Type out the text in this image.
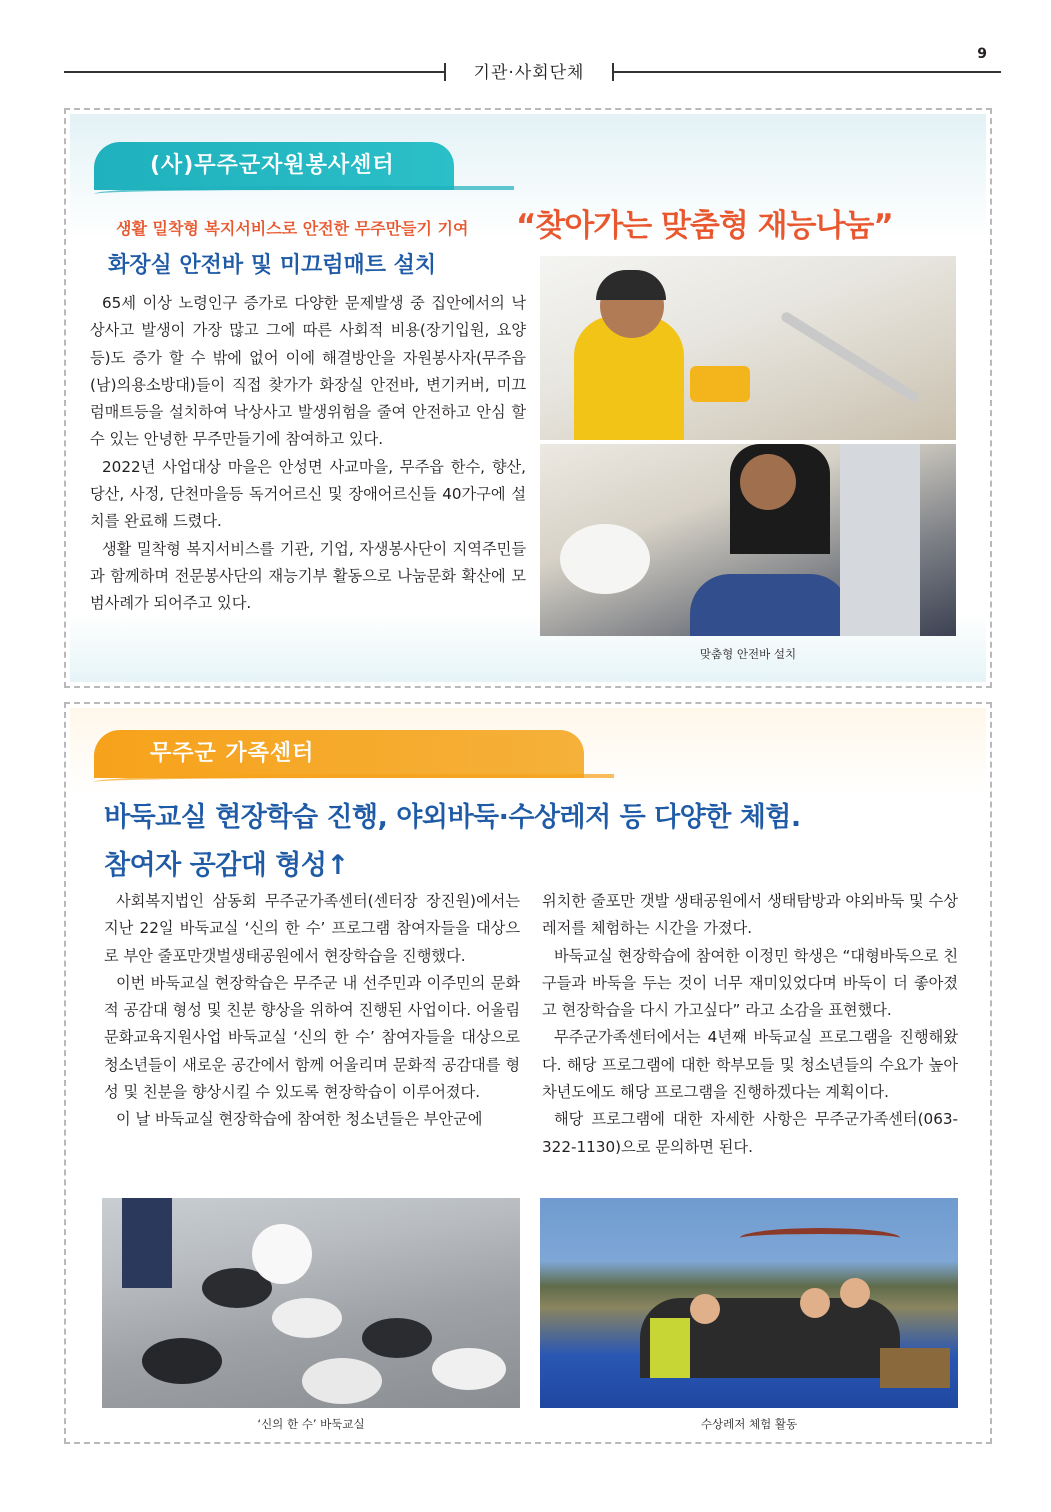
기관·사회단체
9
(사)무주군자원봉사센터
생활 밀착형 복지서비스로 안전한 무주만들기 기여 “찾아가는 맞춤형 재능나눔”
화장실 안전바 및 미끄럼매트 설치

65세 이상 노령인구 증가로 다양한 문제발생 중 집안에서의 낙상사고 발생이 가장 많고 그에 따른 사회적 비용(장기입원, 요양등)도 증가 할 수 밖에 없어 이에 해결방안을 자원봉사자(무주읍(남)의용소방대)들이 직접 찾가가 화장실 안전바, 변기커버, 미끄럼매트등을 설치하여 낙상사고 발생위험을 줄여 안전하고 안심 할 수 있는 안녕한 무주만들기에 참여하고 있다.

2022년 사업대상 마을은 안성면 사교마을, 무주읍 한수, 향산, 당산, 사정, 단천마을등 독거어르신 및 장애어르신들 40가구에 설치를 완료해 드렸다.

생활 밀착형 복지서비스를 기관, 기업, 자생봉사단이 지역주민들과 함께하며 전문봉사단의 재능기부 활동으로 나눔문화 확산에 모범사례가 되어주고 있다.

맞춤형 안전바 설치
무주군 가족센터
바둑교실 현장학습 진행, 야외바둑·수상레저 등 다양한 체험.
참여자 공감대 형성↑

사회복지법인 삼동회 무주군가족센터(센터장 장진원)에서는 지난 22일 바둑교실 ‘신의 한 수’ 프로그램 참여자들을 대상으로 부안 줄포만갯벌생태공원에서 현장학습을 진행했다.

이번 바둑교실 현장학습은 무주군 내 선주민과 이주민의 문화적 공감대 형성 및 친분 향상을 위하여 진행된 사업이다. 어울림문화교육지원사업 바둑교실 ‘신의 한 수’ 참여자들을 대상으로 청소년들이 새로운 공간에서 함께 어울리며 문화적 공감대를 형성 및 친분을 향상시킬 수 있도록 현장학습이 이루어졌다.

이 날 바둑교실 현장학습에 참여한 청소년들은 부안군에

위치한 줄포만 갯발 생태공원에서 생태탐방과 야외바둑 및 수상레저를 체험하는 시간을 가졌다.

바둑교실 현장학습에 참여한 이정민 학생은 “대형바둑으로 친구들과 바둑을 두는 것이 너무 재미있었다며 바둑이 더 좋아졌고 현장학습을 다시 가고싶다” 라고 소감을 표현했다.

무주군가족센터에서는 4년째 바둑교실 프로그램을 진행해왔다. 해당 프로그램에 대한 학부모들 및 청소년들의 수요가 높아 차년도에도 해당 프로그램을 진행하겠다는 계획이다.

해당 프로그램에 대한 자세한 사항은 무주군가족센터(063-322-1130)으로 문의하면 된다.

‘신의 한 수’ 바둑교실	수상레저 체험 활동
